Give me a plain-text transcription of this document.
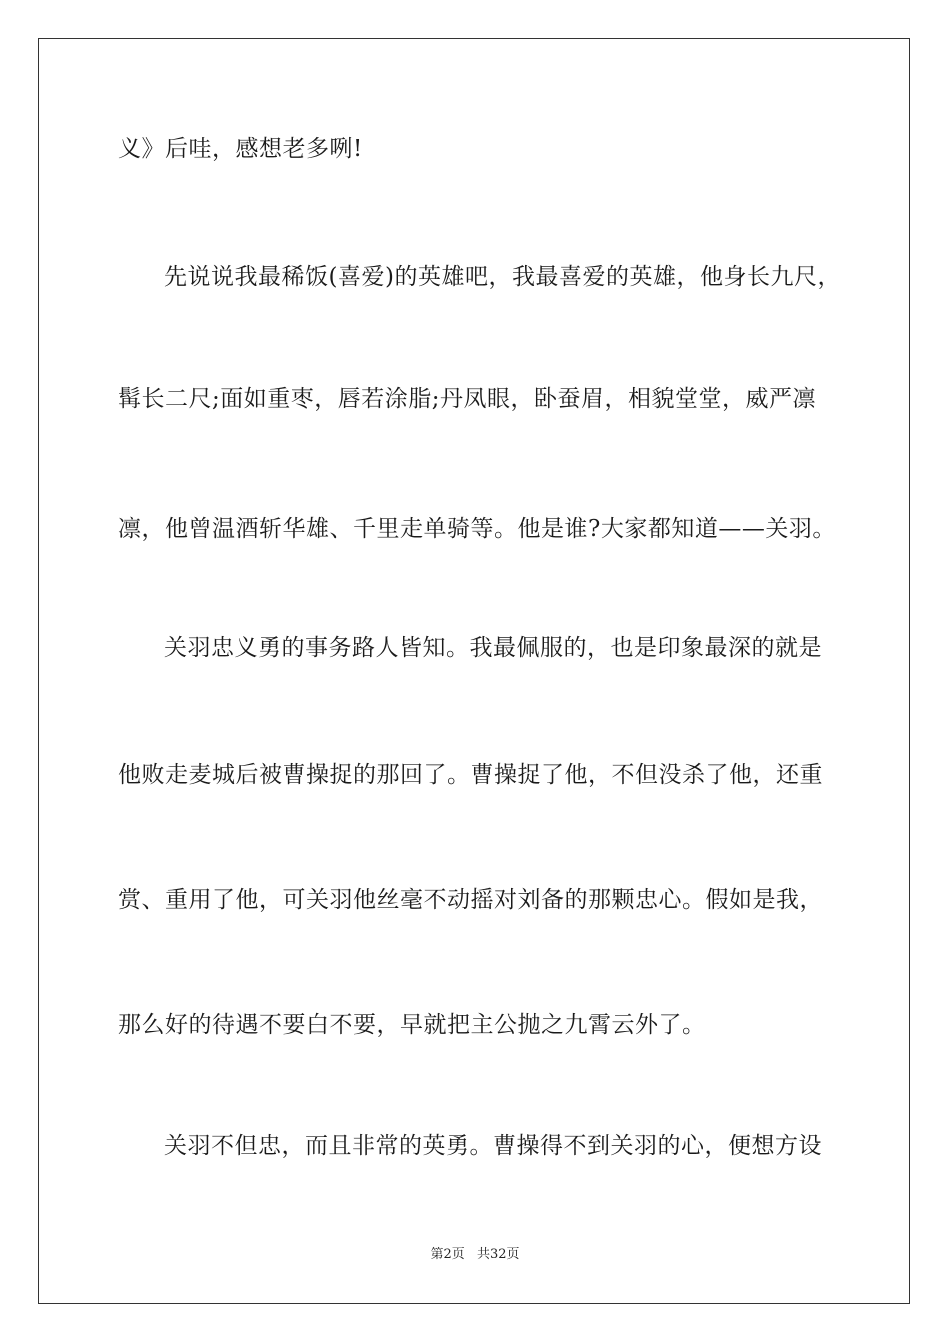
义》后哇，感想老多咧!
先说说我最稀饭(喜爱)的英雄吧，我最喜爱的英雄，他身长九尺，
髯长二尺;面如重枣，唇若涂脂;丹凤眼，卧蚕眉，相貌堂堂，威严凛
凛，他曾温酒斩华雄、千里走单骑等。他是谁?大家都知道——关羽。
关羽忠义勇的事务路人皆知。我最佩服的，也是印象最深的就是
他败走麦城后被曹操捉的那回了。曹操捉了他，不但没杀了他，还重
赏、重用了他，可关羽他丝毫不动摇对刘备的那颗忠心。假如是我，
那么好的待遇不要白不要，早就把主公抛之九霄云外了。
关羽不但忠，而且非常的英勇。曹操得不到关羽的心，便想方设
第2页 共32页
